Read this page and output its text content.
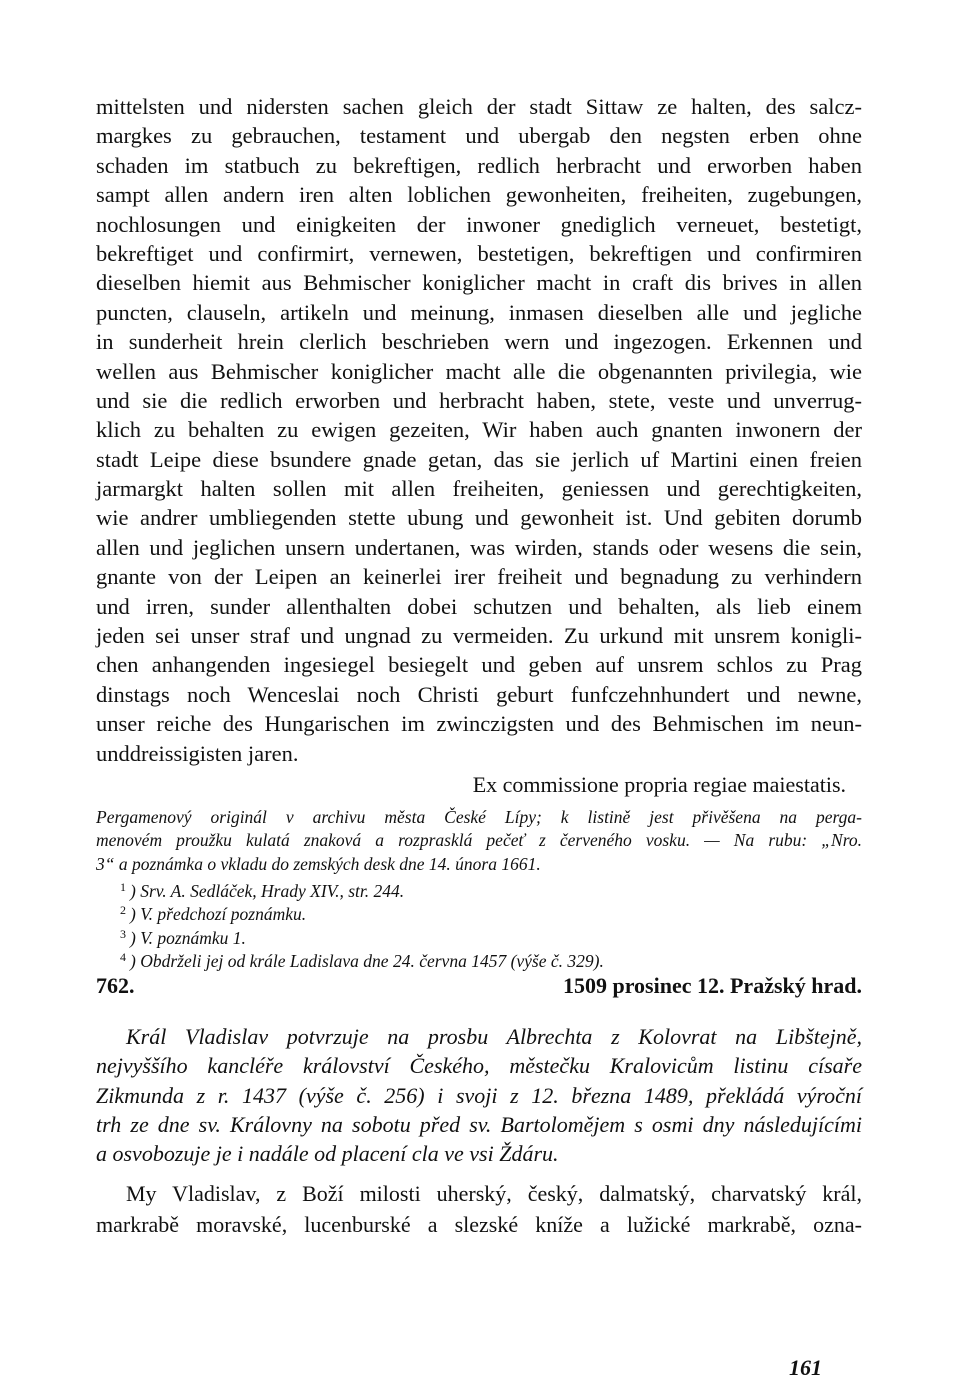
mittelsten und nidersten sachen gleich der stadt Sittaw ze halten, des salcz-
margkes zu gebrauchen, testament und ubergab den negsten erben ohne
schaden im statbuch zu bekreftigen, redlich herbracht und erworben haben
sampt allen andern iren alten loblichen gewonheiten, freiheiten, zugebungen,
nochlosungen und einigkeiten der inwoner gnediglich verneuet, bestetigt,
bekreftiget und confirmirt, vernewen, bestetigen, bekreftigen und confirmiren
dieselben hiemit aus Behmischer koniglicher macht in craft dis brives in allen
puncten, clauseln, artikeln und meinung, inmasen dieselben alle und jegliche
in sunderheit hrein clerlich beschrieben wern und ingezogen. Erkennen und
wellen aus Behmischer koniglicher macht alle die obgenannten privilegia, wie
und sie die redlich erworben und herbracht haben, stete, veste und unverrug-
klich zu behalten zu ewigen gezeiten, Wir haben auch gnanten inwonern der
stadt Leipe diese bsundere gnade getan, das sie jerlich uf Martini einen freien
jarmargkt halten sollen mit allen freiheiten, geniessen und gerechtigkeiten,
wie andrer umbliegenden stette ubung und gewonheit ist. Und gebiten dorumb
allen und jeglichen unsern undertanen, was wirden, stands oder wesens die sein,
gnante von der Leipen an keinerlei irer freiheit und begnadung zu verhindern
und irren, sunder allenthalten dobei schutzen und behalten, als lieb einem
jeden sei unser straf und ungnad zu vermeiden. Zu urkund mit unsrem konigli-
chen anhangenden ingesiegel besiegelt und geben auf unsrem schlos zu Prag
dinstags noch Wenceslai noch Christi geburt funfczehnhundert und newne,
unser reiche des Hungarischen im zwinczigsten und des Behmischen im neun-
unddreissigisten jaren.
Ex commissione propria regiae maiestatis.
Pergamenový originál v archivu města České Lípy; k listině jest přivěšena na perga-
menovém proužku kulatá znaková a rozprasklá pečeť z červeného vosku. — Na rubu: „Nro.
3“ a poznámka o vkladu do zemských desk dne 14. února 1661.
$^1$ ) Srv. A. Sedláček, Hrady XIV., str. 244.
$^2$ ) V. předchozí poznámku.
$^3$ ) V. poznámku 1.
$^4$ ) Obdrželi jej od krále Ladislava dne 24. června 1457 (výše č. 329).
762.	1509 prosinec 12. Pražský hrad.
Král Vladislav potvrzuje na prosbu Albrechta z Kolovrat na Libštejně,
nejvyššího kancléře království Českého, městečku Kralovicům listinu císaře
Zikmunda z r. 1437 (výše č. 256) i svoji z 12. března 1489, překládá výroční
trh ze dne sv. Královny na sobotu před sv. Bartolomějem s osmi dny následujícími
a osvobozuje je i nadále od placení cla ve vsi Ždáru.
My Vladislav, z Boží milosti uherský, český, dalmatský, charvatský král,
markrabě moravské, lucenburské a slezské kníže a lužické markrabě, ozna-
161
